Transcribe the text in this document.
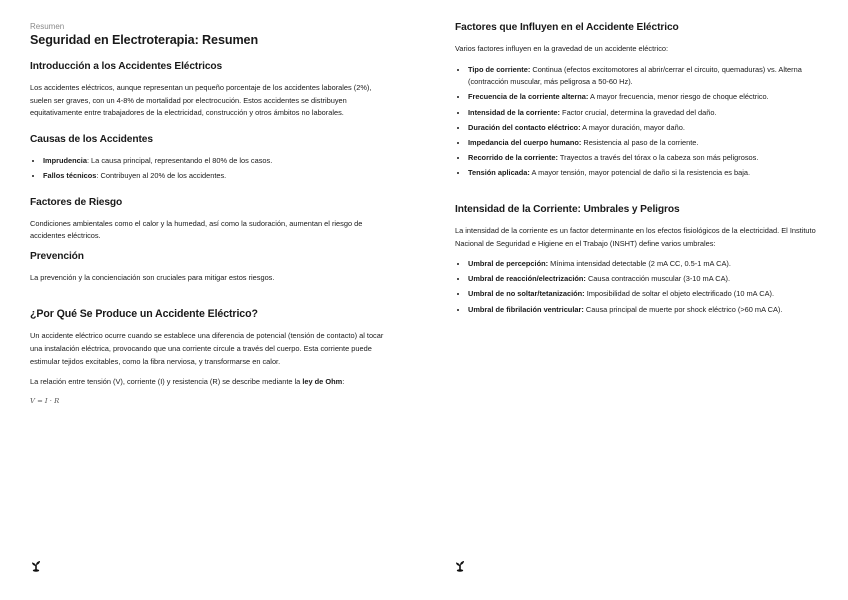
Resumen
Seguridad en Electroterapia: Resumen
Introducción a los Accidentes Eléctricos

Los accidentes eléctricos, aunque representan un pequeño porcentaje de los accidentes laborales (2%), suelen ser graves, con un 4-8% de mortalidad por electrocución. Estos accidentes se distribuyen equitativamente entre trabajadores de la electricidad, construcción y otros ámbitos no laborales.

Causas de los Accidentes
• Imprudencia: La causa principal, representando el 80% de los casos.
• Fallos técnicos: Contribuyen al 20% de los accidentes.
Factores de Riesgo

Condiciones ambientales como el calor y la humedad, así como la sudoración, aumentan el riesgo de accidentes eléctricos.

Prevención

La prevención y la concienciación son cruciales para mitigar estos riesgos.

¿Por Qué Se Produce un Accidente Eléctrico?

Un accidente eléctrico ocurre cuando se establece una diferencia de potencial (tensión de contacto) al tocar una instalación eléctrica, provocando que una corriente circule a través del cuerpo. Esta corriente puede estimular tejidos excitables, como la fibra nerviosa, y transformarse en calor.

La relación entre tensión (V), corriente (I) y resistencia (R) se describe mediante la ley de Ohm:

V = I · R
Factores que Influyen en el Accidente Eléctrico

Varios factores influyen en la gravedad de un accidente eléctrico:

• Tipo de corriente: Continua (efectos excitomotores al abrir/cerrar el circuito, quemaduras) vs. Alterna (contracción muscular, más peligrosa a 50-60 Hz).
• Frecuencia de la corriente alterna: A mayor frecuencia, menor riesgo de choque eléctrico.
• Intensidad de la corriente: Factor crucial, determina la gravedad del daño.
• Duración del contacto eléctrico: A mayor duración, mayor daño.
• Impedancia del cuerpo humano: Resistencia al paso de la corriente.
• Recorrido de la corriente: Trayectos a través del tórax o la cabeza son más peligrosos.
• Tensión aplicada: A mayor tensión, mayor potencial de daño si la resistencia es baja.
Intensidad de la Corriente: Umbrales y Peligros

La intensidad de la corriente es un factor determinante en los efectos fisiológicos de la electricidad. El Instituto Nacional de Seguridad e Higiene en el Trabajo (INSHT) define varios umbrales:

• Umbral de percepción: Mínima intensidad detectable (2 mA CC, 0.5-1 mA CA).
• Umbral de reacción/electrización: Causa contracción muscular (3-10 mA CA).
• Umbral de no soltar/tetanización: Imposibilidad de soltar el objeto electrificado (10 mA CA).
• Umbral de fibrilación ventricular: Causa principal de muerte por shock eléctrico (>60 mA CA).
